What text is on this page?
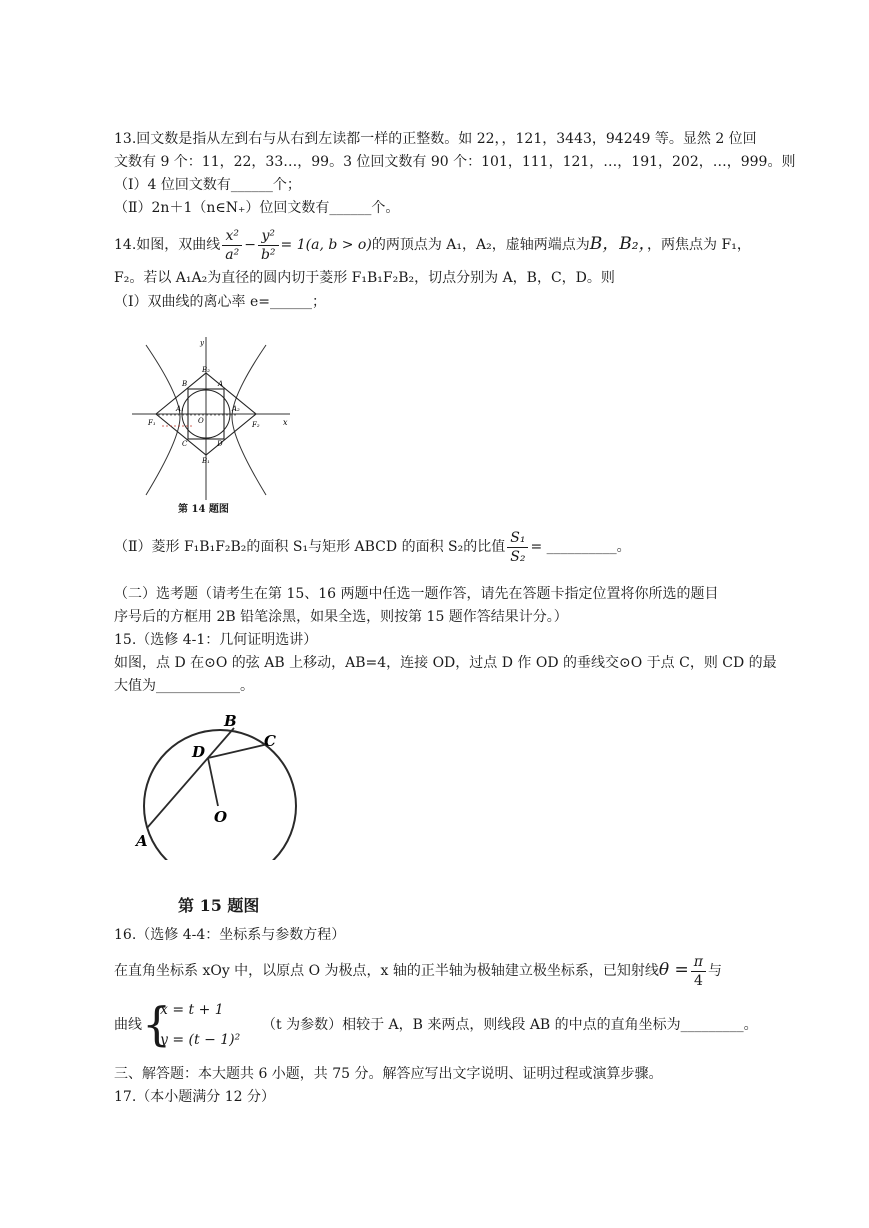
13.回文数是指从左到右与从右到左读都一样的正整数。如 22，，121，3443，94249 等。显然 2 位回
文数有 9 个：11，22，33…，99。3 位回文数有 90 个：101，111，121，…，191，202，…，999。则
（Ⅰ）4 位回文数有______个；
（Ⅱ）2n＋1（n∈N₊）位回文数有______个。
14.如图，双曲线 $\frac{\text{x²}}{\text{a²}} - \frac{\text{y²}}{\text{b²}} = 1(a$, b > o)的两顶点为 A₁，A₂，虚轴两端点为B，B₂，，两焦点为 F₁，
F₂。若以 A₁A₂为直径的圆内切于菱形 F₁B₁F₂B₂，切点分别为 A，B，C，D。则
（Ⅰ）双曲线的离心率 e=______；
y
x
B₂
B₁
A
B
C	D
A₁	A₂
F₁	F₂
O
第 14 题图
（Ⅱ）菱形 F₁B₁F₂B₂的面积 S₁与矩形 ABCD 的面积 S₂的比值 $\frac{\text{S₁}}{\text{S₂}}$ = __________。
（二）选考题（请考生在第 15、16 两题中任选一题作答，请先在答题卡指定位置将你所选的题目
序号后的方框用 2B 铅笔涂黑，如果全选，则按第 15 题作答结果计分。）
15.（选修 4-1：几何证明选讲）
如图，点 D 在⊙O 的弦 AB 上移动，AB=4，连接 OD，过点 D 作 OD 的垂线交⊙O 于点 C，则 CD 的最
大值为____________。
A
B
C
D
O
第 15 题图
16.（选修 4-4：坐标系与参数方程）
在直角坐标系 xOy 中，以原点 O 为极点，x 轴的正半轴为极轴建立极坐标系，已知射线$\theta = \frac{\pi}{4}$ 与
曲线 {
x = t + 1
y = (t − 1)²
（t 为参数）相较于 A，B 来两点，则线段 AB 的中点的直角坐标为_________。
三、解答题：本大题共 6 小题，共 75 分。解答应写出文字说明、证明过程或演算步骤。
17.（本小题满分 12 分）
